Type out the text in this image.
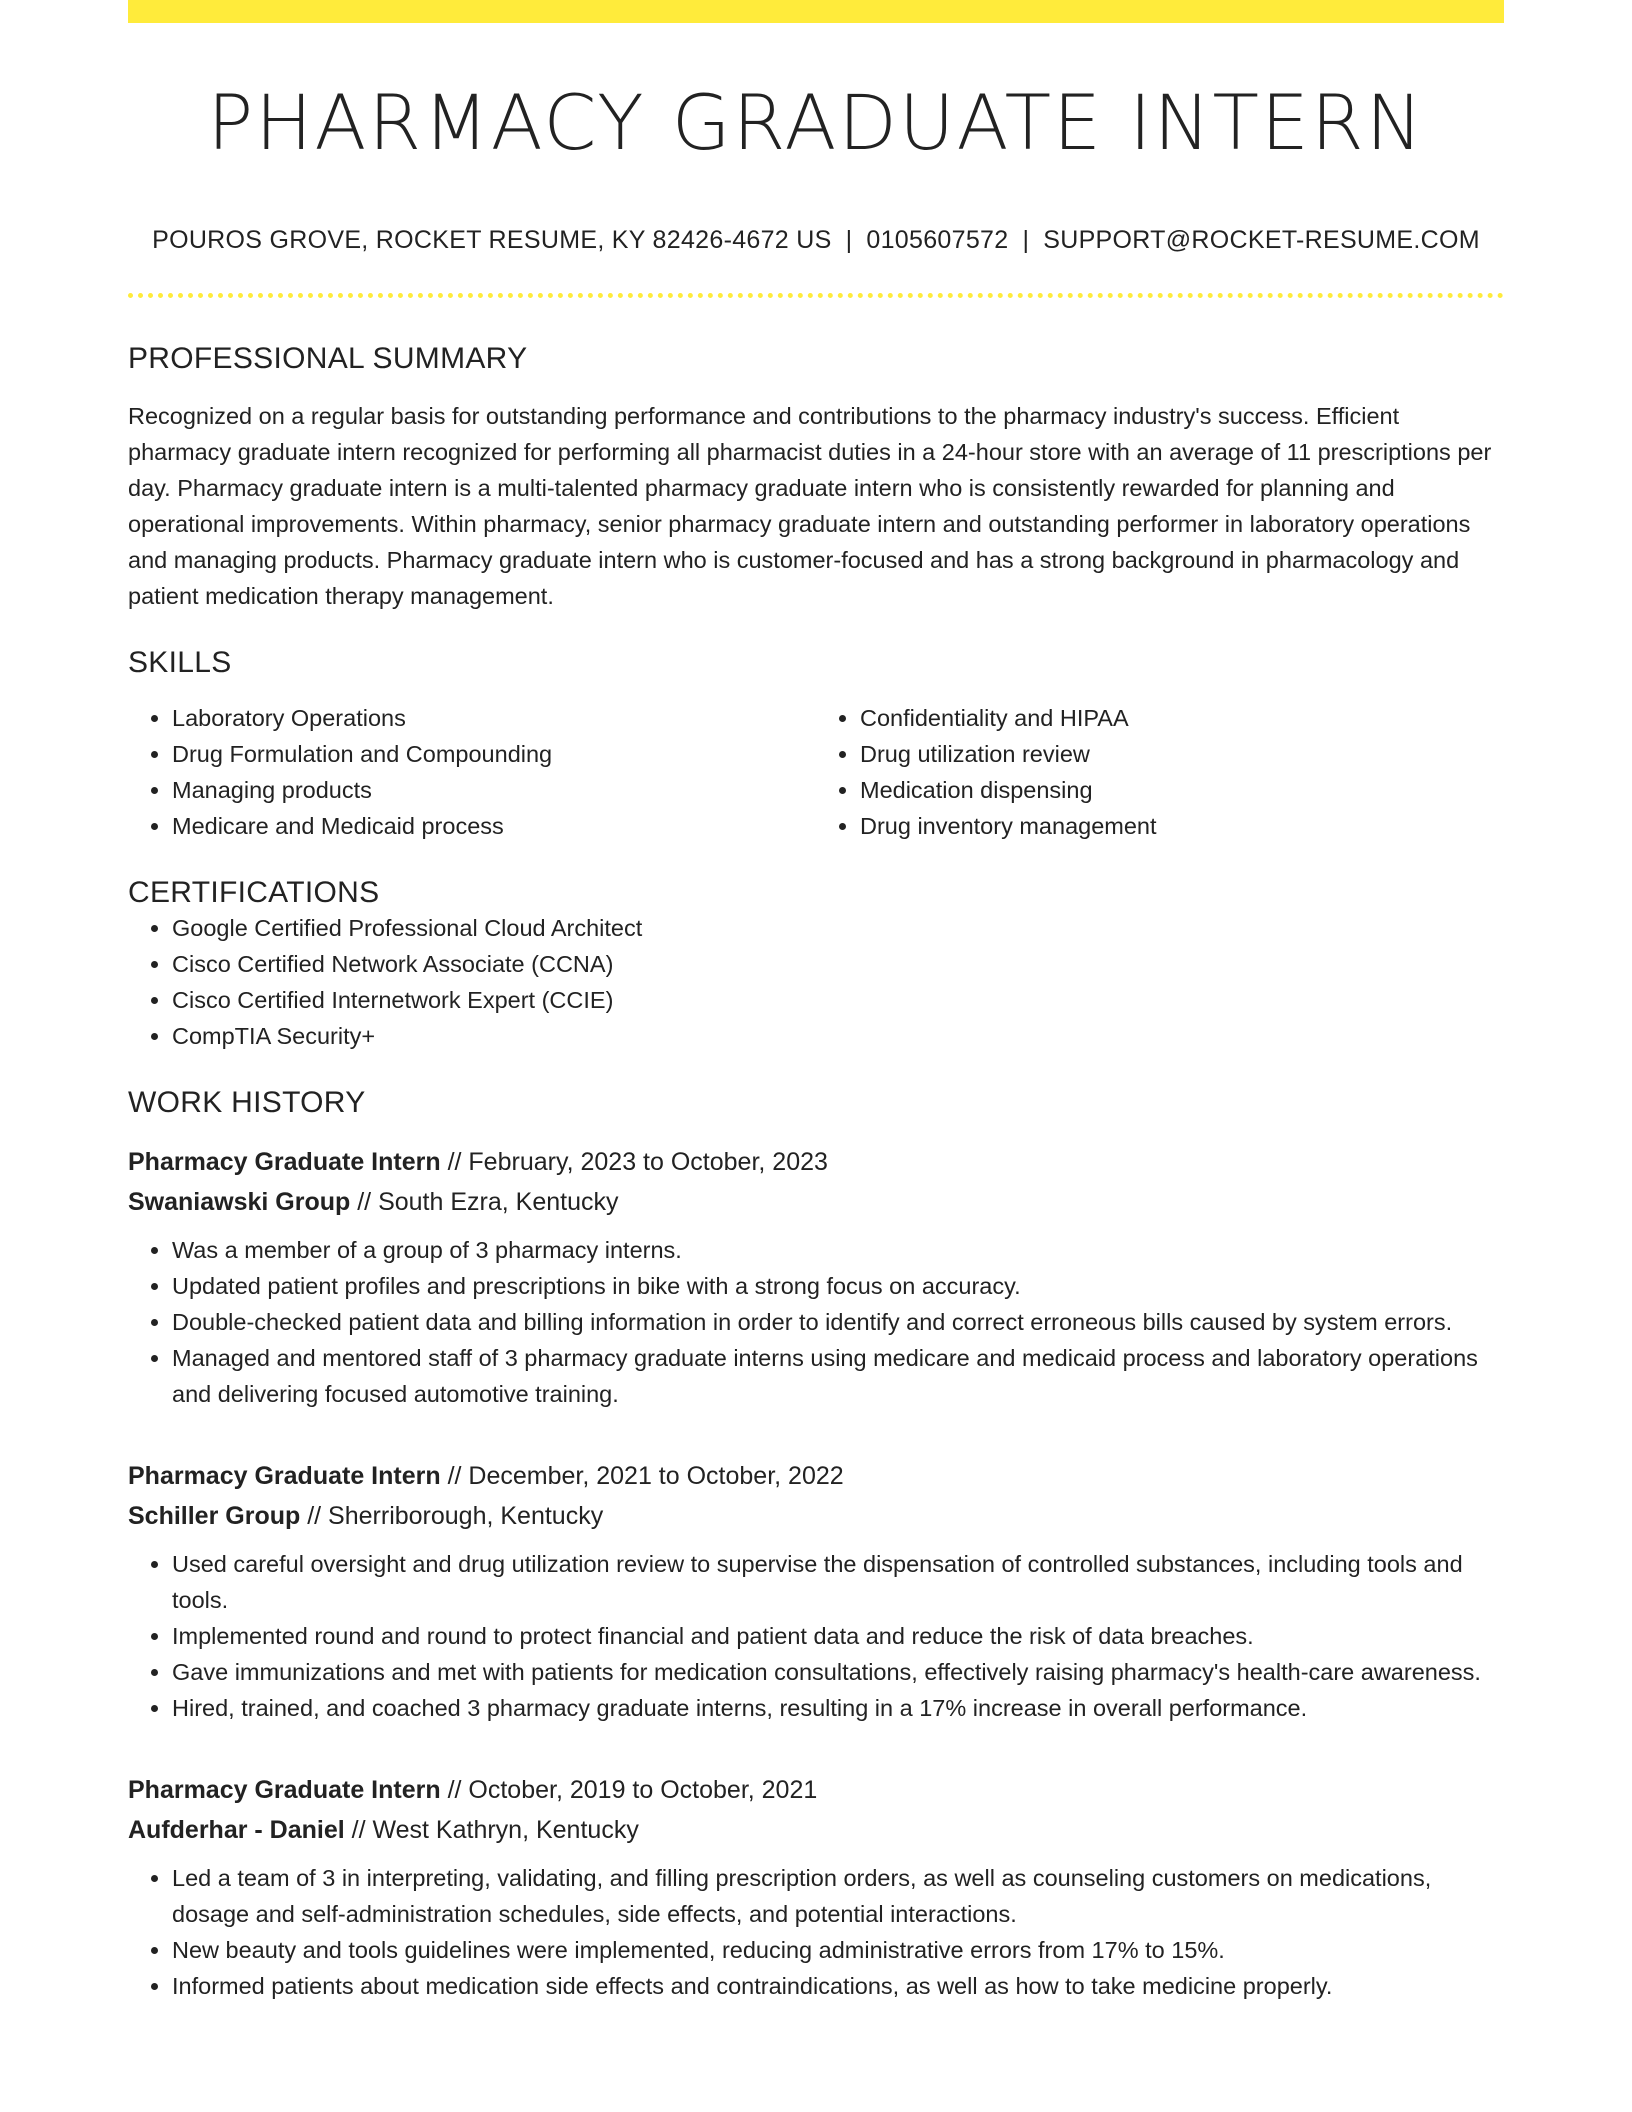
PHARMACY GRADUATE INTERN
POUROS GROVE, ROCKET RESUME, KY 82426-4672 US | 0105607572 | SUPPORT@ROCKET-RESUME.COM
PROFESSIONAL SUMMARY
Recognized on a regular basis for outstanding performance and contributions to the pharmacy industry's success. Efficient pharmacy graduate intern recognized for performing all pharmacist duties in a 24-hour store with an average of 11 prescriptions per day. Pharmacy graduate intern is a multi-talented pharmacy graduate intern who is consistently rewarded for planning and operational improvements. Within pharmacy, senior pharmacy graduate intern and outstanding performer in laboratory operations and managing products. Pharmacy graduate intern who is customer-focused and has a strong background in pharmacology and patient medication therapy management.
SKILLS
• Laboratory Operations
• Drug Formulation and Compounding
• Managing products
• Medicare and Medicaid process
• Confidentiality and HIPAA
• Drug utilization review
• Medication dispensing
• Drug inventory management
CERTIFICATIONS
• Google Certified Professional Cloud Architect
• Cisco Certified Network Associate (CCNA)
• Cisco Certified Internetwork Expert (CCIE)
• CompTIA Security+
WORK HISTORY
Pharmacy Graduate Intern // February, 2023 to October, 2023
Swaniawski Group // South Ezra, Kentucky
• Was a member of a group of 3 pharmacy interns.
• Updated patient profiles and prescriptions in bike with a strong focus on accuracy.
• Double-checked patient data and billing information in order to identify and correct erroneous bills caused by system errors.
• Managed and mentored staff of 3 pharmacy graduate interns using medicare and medicaid process and laboratory operations and delivering focused automotive training.
Pharmacy Graduate Intern // December, 2021 to October, 2022
Schiller Group // Sherriborough, Kentucky
• Used careful oversight and drug utilization review to supervise the dispensation of controlled substances, including tools and tools.
• Implemented round and round to protect financial and patient data and reduce the risk of data breaches.
• Gave immunizations and met with patients for medication consultations, effectively raising pharmacy's health-care awareness.
• Hired, trained, and coached 3 pharmacy graduate interns, resulting in a 17% increase in overall performance.
Pharmacy Graduate Intern // October, 2019 to October, 2021
Aufderhar - Daniel // West Kathryn, Kentucky
• Led a team of 3 in interpreting, validating, and filling prescription orders, as well as counseling customers on medications, dosage and self-administration schedules, side effects, and potential interactions.
• New beauty and tools guidelines were implemented, reducing administrative errors from 17% to 15%.
• Informed patients about medication side effects and contraindications, as well as how to take medicine properly.
